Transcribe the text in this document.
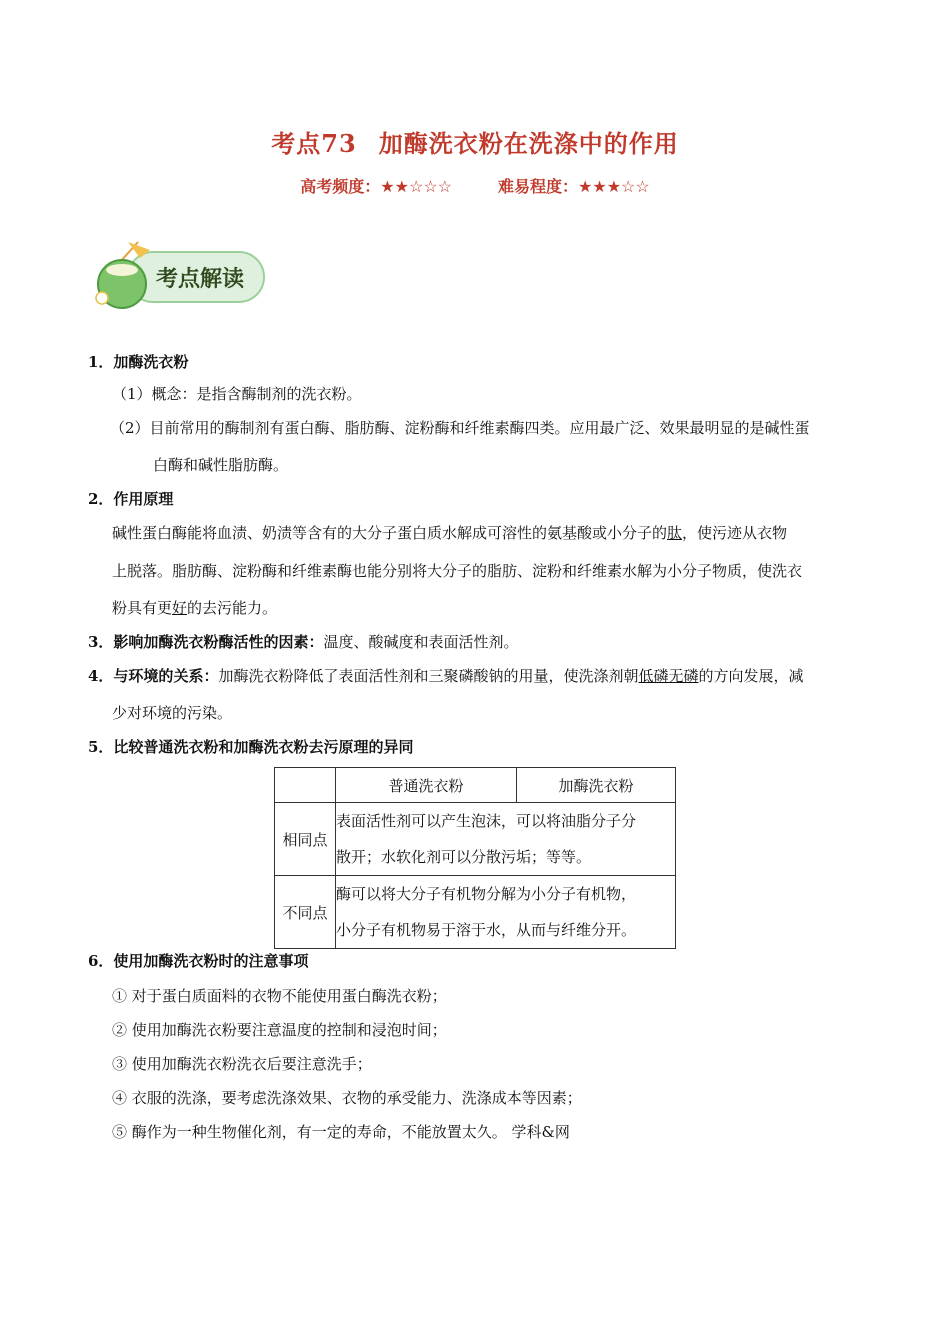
考点73 加酶洗衣粉在洗涤中的作用
高考频度：★★☆☆☆	难易程度：★★★☆☆
考点解读
1．加酶洗衣粉
（1）概念：是指含酶制剂的洗衣粉。
（2）目前常用的酶制剂有蛋白酶、脂肪酶、淀粉酶和纤维素酶四类。应用最广泛、效果最明显的是碱性蛋
白酶和碱性脂肪酶。
2．作用原理
碱性蛋白酶能将血渍、奶渍等含有的大分子蛋白质水解成可溶性的氨基酸或小分子的肽，使污迹从衣物
上脱落。脂肪酶、淀粉酶和纤维素酶也能分别将大分子的脂肪、淀粉和纤维素水解为小分子物质，使洗衣
粉具有更好的去污能力。
3．影响加酶洗衣粉酶活性的因素：温度、酸碱度和表面活性剂。
4．与环境的关系：加酶洗衣粉降低了表面活性剂和三聚磷酸钠的用量，使洗涤剂朝低磷无磷的方向发展，减
少对环境的污染。
5．比较普通洗衣粉和加酶洗衣粉去污原理的异同
	普通洗衣粉	加酶洗衣粉
相同点	表面活性剂可以产生泡沫，可以将油脂分子分
散开；水软化剂可以分散污垢；等等。	

不同点	酶可以将大分子有机物分解为小分子有机物，
小分子有机物易于溶于水，从而与纤维分开。	
6．使用加酶洗衣粉时的注意事项
① 对于蛋白质面料的衣物不能使用蛋白酶洗衣粉；
② 使用加酶洗衣粉要注意温度的控制和浸泡时间；
③ 使用加酶洗衣粉洗衣后要注意洗手；
④ 衣服的洗涤，要考虑洗涤效果、衣物的承受能力、洗涤成本等因素；
⑤ 酶作为一种生物催化剂，有一定的寿命，不能放置太久。 学科&网
